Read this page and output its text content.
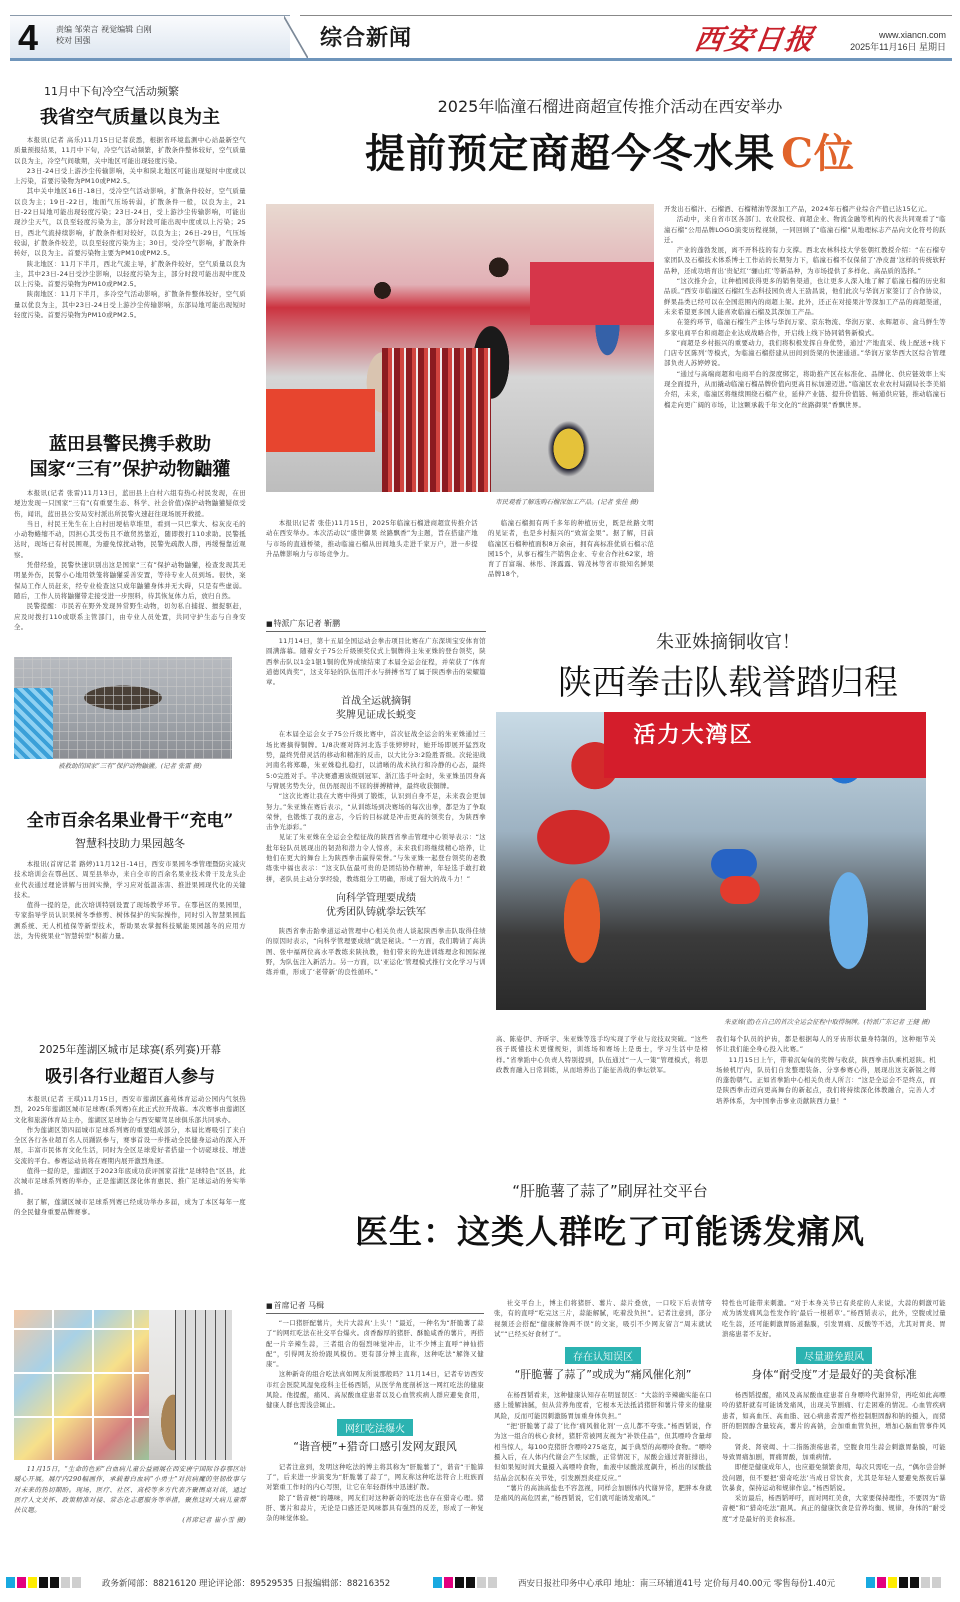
4 责编 邹荣言 视觉编辑 白刚
校对 国强	综合新闻	西安日报	www.xiancn.com
2025年11月16日 星期日
11月中下旬冷空气活动频繁
我省空气质量以良为主

本报讯(记者 高乐)11月15日记者获悉，根据省环境监测中心站最新空气质量预报结果，11月中下旬，冷空气活动频繁，扩散条件整体较好，空气质量以良为主，冷空气间歇期，关中地区可能出现轻度污染。

23日-24日受上游沙尘传输影响，关中和陕北地区可能出现短时中度或以上污染，首要污染物为PM10或PM2.5。

其中关中地区16日-18日，受冷空气活动影响，扩散条件较好，空气质量以良为主；19日-22日，地面气压场转弱，扩散条件一般，以良为主，21日-22日局地可能出现轻度污染；23日-24日，受上游沙尘传输影响，可能出现沙尘天气，以良至轻度污染为主，部分时段可能出现中度或以上污染；25日，西北气流持续影响，扩散条件相对较好，以良为主；26日-29日，气压场较弱，扩散条件较差，以良至轻度污染为主；30日，受冷空气影响，扩散条件转好，以良为主。首要污染物主要为PM10或PM2.5。

陕北地区：11月下半月，西北气流主导，扩散条件较好，空气质量以良为主，其中23日-24日受沙尘影响，以轻度污染为主，部分时段可能出现中度及以上污染。首要污染物为PM10或PM2.5。

陕南地区：11月下半月，多冷空气活动影响，扩散条件整体较好，空气质量以优良为主，其中23日-24日受上游沙尘传输影响，东部局地可能出现短时轻度污染。首要污染物为PM10或PM2.5。

蓝田县警民携手救助
国家“三有”保护动物鼬獾

本报讯(记者 张雷)11月13日，蓝田县上白村六组有热心村民发现，在田埂边发现一只国家“三有”(有重要生态、科学、社会价值)保护动物鼬獾疑似受伤，闻讯，蓝田县公安局安村派出所民警火速赶往现场展开救援。

当日，村民王先生在上白村田埂枯草堆里，看到一只巴掌大、棕灰皮毛的小动物蜷缩不动，因担心其受伤且不敢贸然靠近，随即拨打110求助。民警抵达时，现场已有村民围观，为避免惊扰动物，民警先疏散人群，再缓慢靠近观察。

凭借经验，民警快速识别出这是国家“三有”保护动物鼬獾，检查发现其无明显外伤，民警小心地用铁笼将鼬獾妥善安置，等待专业人员到场。很快，案保局工作人员赶来，经专业检查这只成年鼬獾身体并无大碍，只是有些虚弱。随后，工作人员将鼬獾带走接受进一步照料，待其恢复体力后，放归自然。

民警提醒：市民若在野外发现异常野生动物，切勿私自捕捉、擅捉驱赶，应及时拨打110或联系主管部门，由专业人员处置，共同守护生态与自身安全。

被救助的国家“三有”保护动物鼬獾。(记者 张雷 摄)
全市百余名果业骨干“充电”
智慧科技助力果园越冬

本报讯(首席记者 路婷)11月12日-14日，西安市果园冬季管理暨防灾减灾技术培训会在鄠邑区、周至县举办，来自全市的百余名果业技术骨干及龙头企业代表通过理论讲解与田间实操，学习应对低温冻害、推进果园现代化的关键技术。

值得一提的是，此次培训特别设置了现场教学环节。在鄠邑区的果园里，专家指导学员认识果树冬季修剪、树体保护的实际操作，同时引入智慧果园监测系统、无人机植保等新型技术，帮助果农掌握科技赋能果园越冬的应用方法，为传统果业“智慧转型”积蓄力量。

2025年莲湖区城市足球赛(系列赛)开幕
吸引各行业超百人参与

本报讯(记者 王琪)11月15日，西安市莲湖区鑫苑体育运动公园内气氛热烈，2025年莲湖区城市足球赛(系列赛)在此正式拉开战幕。本次赛事由莲湖区文化和旅游体育局主办，莲湖区足球协会与西安耀驾足球俱乐部共同承办。

作为莲湖区第四届城市足球系列赛的重要组成部分，本届比赛吸引了来自全区各行各业超百名人员踊跃参与，赛事首设一步推动全民健身运动的深入开展，丰富市民体育文化生活，同时为全区足球爱好者搭建一个切磋球技、增进交流的平台。参赛运动员将在赛期内展开激烈角逐。

值得一提的是，莲湖区于2023年底成功获评国家首批“足球特色”区县，此次城市足球系列赛的举办，正是莲湖区深化体育惠民、推广足球运动的务实举措。

据了解，莲湖区城市足球系列赛已经成功举办多届，成为了本区每年一度的全民健身重要品牌赛事。

11月15日，“生命的色彩”白血病儿童公益画展在西安唐宁国际谷春鄠区站暖心开展。展厅内290幅画作，承载着白血病“小勇士”对抗病魔的坚韧故事与对未来的热切期盼。现场，医疗、社区、高校等多方代表齐聚围桌对谈，通过医疗人文关怀、政策精准对接、常态化志愿服务等举措，聚焦这时大病儿童帮扶议题。

(首席记者 崔小雪 摄)
2025年临潼石榴进商超宣传推介活动在西安举办
提前预定商超今冬水果 C位
市民观看了解选购石榴深加工产品。(记者 张佳 摄)

本报讯(记者 张佳)11月15日，2025年临潼石榴进商超宣传推介活动在西安举办。本次活动以“盛世御果 丝路飘香”为主题，旨在搭建产地与市场的直通桥梁，推动临潼石榴从田间地头走进千家万户，进一步提升品牌影响力与市场竞争力。

临潼石榴拥有两千多年的种植历史，既是丝路文明的见证者，也是乡村振兴的“致富金果”。据了解，目前临潼区石榴种植面积8万余亩，拥有高标准优质石榴示范园15个，从事石榴生产销售企业、专业合作社62家，培育了百富瑞、林彤、泽露露、锦茂林等省市级知名鲜果品牌18个，

开发出石榴汁、石榴酒、石榴精油等深加工产品，2024年石榴产业综合产值已达15亿元。

活动中，来自省市区各部门、农业院校、商超企业、物流金融等机构的代表共同观看了“临潼石榴”公用品牌LOGO演变历程视频，一同回顾了“临潼石榴”从地理标志产品向文化符号的跃迁。

产业的蓬勃发展，离不开科技的有力支撑。西北农林科技大学张朝红教授介绍：“在石榴专家团队及石榴技术体系博士工作站的长期努力下，临潼石榴不仅保留了‘净皮甜’这样的传统软籽品种，还成功培育出‘贵妃红’‘骊山红’等新品种，为市场提供了多样化、高品质的选择。”

“这次推介会，让种植园获得更多的销售渠道，也让更多人深入地了解了临潼石榴的历史和品质。”西安市临潼区石榴红生态科技园负责人王劭昌说，他们此次与华润万家签订了合作协议，鲜果品类已经可以在全国范围内的商超上架。此外，还正在对接果汁等深加工产品的商超渠道，未来希望更多国人能喜欢临潼石榴及其深加工产品。

在签约环节，临潼石榴生产主体与华润万家、京东物流、华润万家、永辉超市、盒马鲜生等多家电商平台和商超企业达成战略合作，开启线上线下协同销售新模式。

“商超是乡村振兴的重要动力，我们将积极发挥自身优势，通过‘产地直采、线上配送+线下门店专区陈列’等模式，为临潼石榴搭建从田间到货架的快速通道。”华润万家华西大区综合管理部负责人苏婷婷说。

“通过与高端商超和电商平台的深度绑定，将助推产区在标准化、品牌化、供应链效率上实现全面提升，从而撬动临潼石榴品牌价值向更高目标加速迈进。”临潼区农业农村局副局长李美娟介绍，未来，临潼区将继续围绕石榴产业，延伸产业链、提升价值链、畅通供应链，推动临潼石榴走向更广阔的市场，让这颗承载千年文化的“丝路御果”香飘世界。

■ 特派广东记者 靳鹏

11月14日，第十五届全国运动会拳击项目比赛在广东深圳宝安体育馆圆满落幕。随着女子75公斤级颁奖仪式上铜牌得主朱亚姝的登台领奖，陕西拳击队以1金1银1铜的优异成绩结束了本届全运会征程，并荣获了“体育道德风尚奖”，这支年轻的队伍用汗水与拼搏书写了属于陕西拳击的荣耀篇章。

首战全运就摘铜
奖牌见证成长蜕变

在本届全运会女子75公斤级比赛中，首次征战全运会的朱亚姝通过三场比赛摘得铜牌。1/8决赛对阵河北选手张婷婷时，她开场即展开猛烈攻势，最终凭借灵活的移动和精准的反击，以大比分3:2险胜晋级。次轮迎战河南名将郑璐，朱亚姝稳扎稳打，以清晰的战术执行和冷静的心态，最终5:0完胜对手。半决赛遭遇该级别冠军、浙江选手叶金时，朱亚姝虽因身高与臂展劣势失分，但仍展现出不屈的拼搏精神，最终收获铜牌。

“这次比赛让我在大赛中得到了锻炼，认识到自身不足，未来我会更加努力。”朱亚姝在赛后表示，“从训练场到决赛场的每次出拳，都是为了争取荣誉，也锻炼了我的意志，今后的目标就是冲击更高的领奖台，为陕西拳击争光添彩。”

见证了朱亚姝在全运会全程征战的陕西省拳击管理中心领导表示：“这批年轻队员展现出的韧劲和潜力令人惊喜，未来我们将继续精心培养，让他们在更大的舞台上为陕西拳击赢得荣誉。”与朱亚姝一起登台领奖的老教练张中福也表示：“这支队伍最可贵的是团结协作精神，年轻选手敢打敢拼，老队员主动分享经验，教练组分工明确，形成了强大的战斗力！”

向科学管理要成绩
优秀团队铸就拳坛铁军

陕西省拳击跆拳道运动管理中心相关负责人谈起陕西拳击队取得佳绩的原因时表示，“向科学管理要成绩”就是秘诀。“一方面，我们聘请了高洪图、张中福两位高水平教练来陕执教，他们带来的先进训练理念和国际视野，为队伍注入新活力。另一方面，以‘亚运化’管理模式推行文化学习与训练并重，形成了‘老带新’的良性循环。”

朱亚姝摘铜收官！
陕西拳击队载誉踏归程
活力大湾区
朱亚姝(蓝)在自己的首次全运会征程中取得铜牌。(特派广东记者 王健 摄)

高、陈姿伊、齐昕宇、朱亚姝等选手均实现了学业与竞技双突破。“这些孩子既懂技术更懂规矩，训练场和赛场上是勇士，学习生活中是榜样。”省拳跆中心负责人特别提到，队伍通过“一人一策”管理模式，将思政教育融入日常训练，从而培养出了能征善战的拳坛铁军。

我们每个队员的护齿，都是根据每人的牙齿形状量身特制的，这种细节关怀让我们能全身心投入比赛。”

11月15日上午，带着沉甸甸的奖牌与收获，陕西拳击队乘机返陕。机场候机厅内，队员们自发整理装备、分享参赛心得，展现出这支新锐之师的蓬勃朝气。正如省拳跆中心相关负责人所言：“这是全运会不是终点，而是陕西拳击迈向更高舞台的新起点，我们将持续深化体教融合，完善人才培养体系，为中国拳击事业贡献陕西力量！”

“肝脆薯了蒜了”刷屏社交平台
医生：这类人群吃了可能诱发痛风
■ 首席记者 马楫

“一口猪肝配薯片，夫片大蒜真‘上头’！”最近，一种名为“肝脆薯了蒜了”的网红吃法在社交平台爆火。卤香醇厚的猪肝、酥脆咸香的薯片，再搭配一片辛辣生蒜，三者组合的强烈味觉冲击，让不少博主直呼“神仙搭配”，引得网友纷纷跟风模仿。更有部分博主直称，这种吃法“解馋又健康”。

这种新奇的组合吃法真如网友所说那般吗？11月14日，记者专访西安市红会医院风湿免疫科主任杨西韬，从医学角度剖析这一网红吃法的健康风险。他提醒，痛风、高尿酸血症患者以及心血管疾病人群应避免食用，健康人群也需浅尝辄止。

网红吃法爆火
“谐音梗”+猎奇口感引发网友跟风

记者注意到，发明这种吃法的博主将其称为“肝脆薯了”，谐音“干脆算了”，后来进一步演变为“肝脆薯了蒜了”，网友称这种吃法符合上班族面对繁重工作时的内心写照，让它在年轻群体中迅速扩散。

除了“谐音梗”的趣味，网友们对这种新奇的吃法也存在猎奇心理。猪肝、薯片和蒜片，无论是口感还是风味都具有强烈的反差，形成了一种复杂的味觉体验。

社交平台上，博主们将猪肝、薯片、蒜片叠放，一口咬下后表情夸张，有的直呼“吃完这三片，蒜能解腻，吃着没负担”。记者注意到，部分视频还会搭配“健康解馋两不误”的文案，吸引不少网友留言“周末就试试”“已经买好食材了”。

存在认知误区
“肝脆薯了蒜了”或成为“痛风催化剂”

在杨西韬看来，这种健康认知存在明显误区：“大蒜的辛辣确实能在口感上缓解油腻，但从营养角度看，它根本无法抵消猪肝和薯片带来的健康风险，反而可能因刺激肠胃加重身体负担。”

“把‘肝脆薯了蒜了’比作‘痛风催化剂’一点儿都不夸张。”杨西韬说，作为这一组合的核心食材，猪肝常被网友视为“补铁佳品”，但其嘌呤含量却相当惊人，每100克猪肝含嘌呤275毫克，属于典型的高嘌呤食物。“嘌呤摄入后，在人体内代谢会产生尿酸，正常情况下，尿酸会通过肾脏排出，但如果短时间大量摄入高嘌呤食物，血液中尿酸浓度飙升，析出的尿酸盐结晶会沉积在关节处，引发剧烈炎症反应。”

“薯片的高油高盐也不容忽视，同样会加剧体内代谢异常，肥胖本身就是痛风的高危因素，”杨西韬说，它们就可能诱发痛风。”

特性也可能带来刺激。“对于本身关节已有炎症的人来说，大蒜的刺激可能成为诱发痛风急性发作的‘最后一根稻草’。”杨西韬表示，此外，空腹或过量吃生蒜，还可能刺激胃肠道黏膜，引发胃痛、反酸等不适，尤其对胃炎、胃溃疡患者不友好。

尽量避免跟风
身体“耐受度”才是最好的美食标准

杨西韬提醒，痛风及高尿酸血症患者自身嘌呤代谢异常，再吃如此高嘌呤的猪肝就有可能诱发痛风，出现关节剧痛、行走困难的情况。心血管疾病患者，如高血压、高血脂、冠心病患者需严格控制胆固醇和钠的摄入，而猪肝的胆固醇含量较高，薯片的高钠，会加重血管负担，增加心脑血管事件风险。

肾炎、肾衰竭、十二指肠溃疡患者，空腹食用生蒜会刺激胃黏膜，可能导致胃痛加剧，胃痛胃酸，加重病情。

即便是健康成年人，也应避免频繁食用，每次只需吃一点，“偶尔尝尝鲜没问题，但不要把‘猎奇吃法’当成日常饮食，尤其是年轻人要避免熬夜后暴饮暴食，保持运动和规律作息。”杨西韬说。

采访最后，杨西韬呼吁，面对网红美食，大家要保持理性，不要因为“谐音梗”和“猎奇吃法”跟风。真正的健康饮食是营养均衡、规律，身体的“耐受度”才是最好的美食标准。

政务新闻部：88216120 理论评论部：89529535 日报编辑部：88216352	西安日报社印务中心承印 地址：南三环辅道41号 定价每月40.00元 零售每份1.40元
